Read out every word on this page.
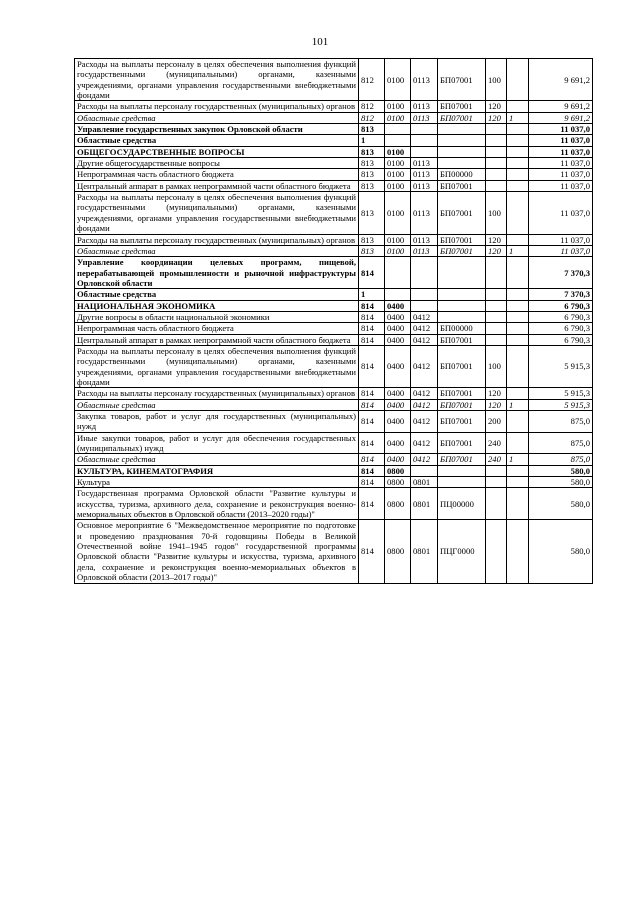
101
Расходы на выплаты персоналу в целях обеспечения выполнения функций государственными (муниципальными) органами, казенными учреждениями, органами управления государственными внебюджетными фондами	812	0100	0113	БП07001	100		9 691,2
Расходы на выплаты персоналу государственных (муниципальных) органов	812	0100	0113	БП07001	120		9 691,2
Областные средства	812	0100	0113	БП07001	120	1	9 691,2
Управление государственных закупок Орловской области	813						11 037,0
Областные средства	1						11 037,0
ОБЩЕГОСУДАРСТВЕННЫЕ ВОПРОСЫ	813	0100					11 037,0
Другие общегосударственные вопросы	813	0100	0113				11 037,0
Непрограммная часть областного бюджета	813	0100	0113	БП00000			11 037,0
Центральный аппарат в рамках непрограммной части областного бюджета	813	0100	0113	БП07001			11 037,0
Расходы на выплаты персоналу в целях обеспечения выполнения функций государственными (муниципальными) органами, казенными учреждениями, органами управления государственными внебюджетными фондами	813	0100	0113	БП07001	100		11 037,0
Расходы на выплаты персоналу государственных (муниципальных) органов	813	0100	0113	БП07001	120		11 037,0
Областные средства	813	0100	0113	БП07001	120	1	11 037,0
Управление координации целевых программ, пищевой, перерабатывающей промышленности и рыночной инфраструктуры Орловской области	814						7 370,3
Областные средства	1						7 370,3
НАЦИОНАЛЬНАЯ ЭКОНОМИКА	814	0400					6 790,3
Другие вопросы в области национальной экономики	814	0400	0412				6 790,3
Непрограммная часть областного бюджета	814	0400	0412	БП00000			6 790,3
Центральный аппарат в рамках непрограммной части областного бюджета	814	0400	0412	БП07001			6 790,3
Расходы на выплаты персоналу в целях обеспечения выполнения функций государственными (муниципальными) органами, казенными учреждениями, органами управления государственными внебюджетными фондами	814	0400	0412	БП07001	100		5 915,3
Расходы на выплаты персоналу государственных (муниципальных) органов	814	0400	0412	БП07001	120		5 915,3
Областные средства	814	0400	0412	БП07001	120	1	5 915,3
Закупка товаров, работ и услуг для государственных (муниципальных) нужд	814	0400	0412	БП07001	200		875,0
Иные закупки товаров, работ и услуг для обеспечения государственных (муниципальных) нужд	814	0400	0412	БП07001	240		875,0
Областные средства	814	0400	0412	БП07001	240	1	875,0
КУЛЬТУРА, КИНЕМАТОГРАФИЯ	814	0800					580,0
Культура	814	0800	0801				580,0
Государственная программа Орловской области "Развитие культуры и искусства, туризма, архивного дела, сохранение и реконструкция военно-мемориальных объектов в Орловской области (2013–2020 годы)"	814	0800	0801	ПЦ00000			580,0
Основное мероприятие 6 "Межведомственное мероприятие по подготовке и проведению празднования 70-й годовщины Победы в Великой Отечественной войне 1941–1945 годов" государственной программы Орловской области "Развитие культуры и искусства, туризма, архивного дела, сохранение и реконструкция военно-мемориальных объектов в Орловской области (2013–2017 годы)"	814	0800	0801	ПЦГ0000			580,0
